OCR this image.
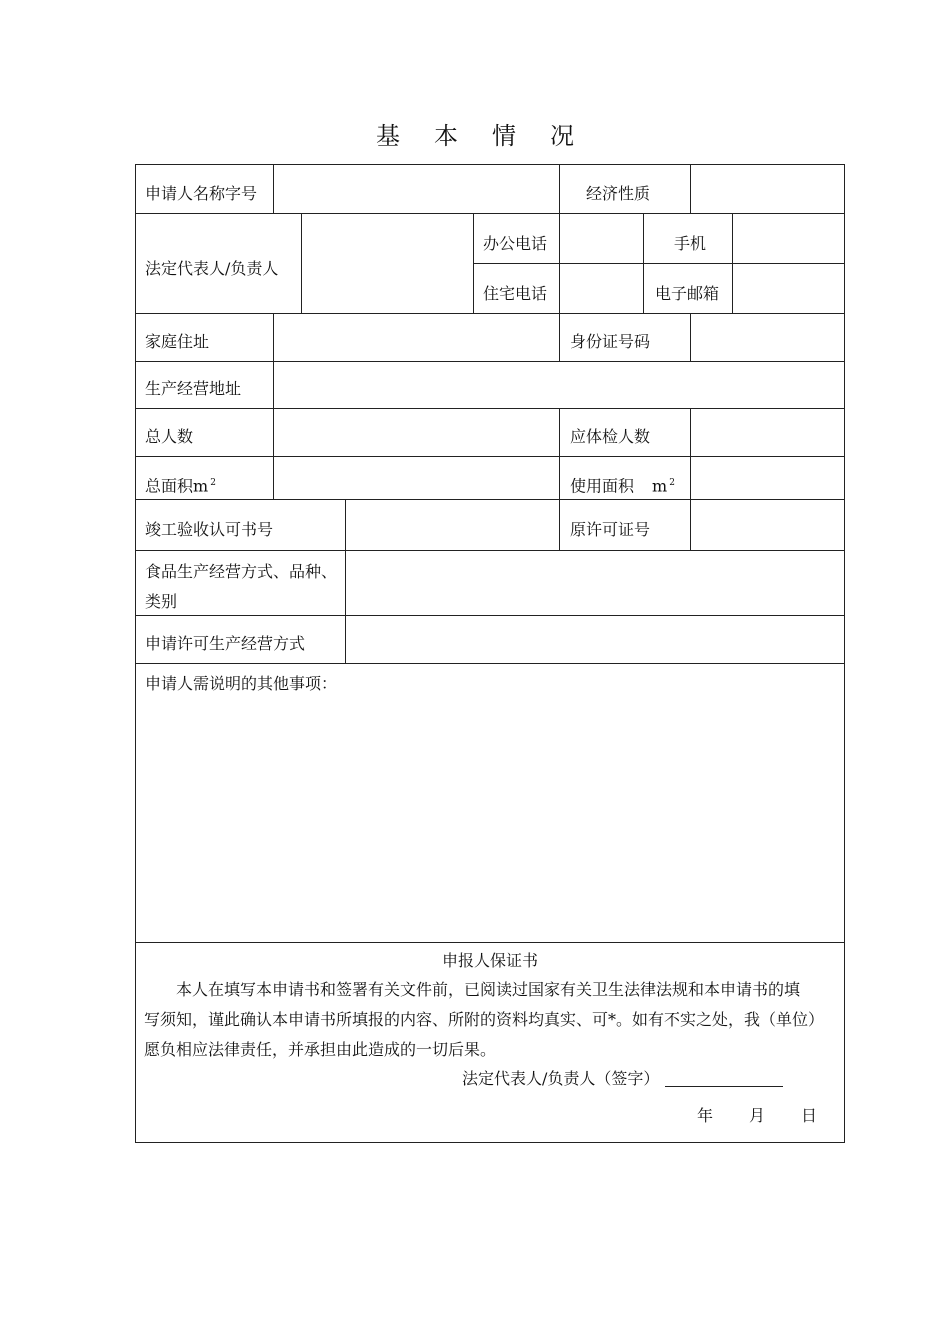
基 本 情 况
申请人名称字号	经济性质
法定代表人/负责人
办公电话	手机
住宅电话	电子邮箱
家庭住址	身份证号码
生产经营地址
总人数	应体检人数
总面积m $^2$	使用面积 m $^2$
竣工验收认可书号	原许可证号
食品生产经营方式、品种、类别
申请许可生产经营方式
申请人需说明的其他事项：
申报人保证书
本人在填写本申请书和签署有关文件前，已阅读过国家有关卫生法律法规和本申请书的填
写须知，谨此确认本申请书所填报的内容、所附的资料均真实、可*。如有不实之处，我（单位）
愿负相应法律责任，并承担由此造成的一切后果。
法定代表人/负责人（签字）
年 月 日
